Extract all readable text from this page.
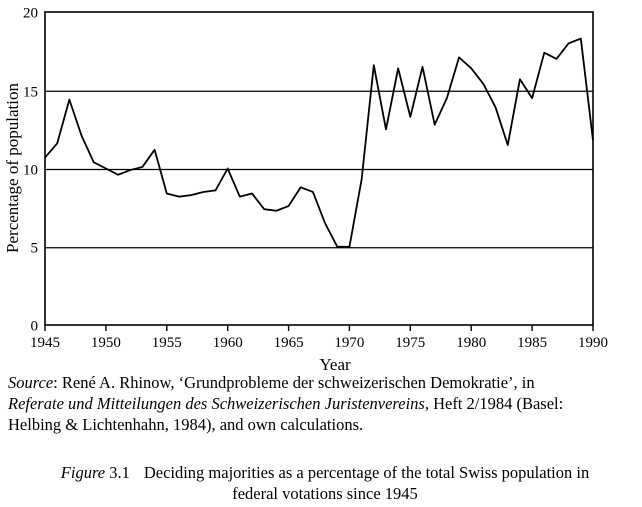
20
15
10
5
0
1945 1950 1955 1960 1965 1970 1975 1980 1985 1990
Year
Percentage of population
Source: René A. Rhinow, ‘Grundprobleme der schweizerischen Demokratie’, in
Referate und Mitteilungen des Schweizerischen Juristenvereins, Heft 2/1984 (Basel:
Helbing & Lichtenhahn, 1984), and own calculations.
Figure 3.1 Deciding majorities as a percentage of the total Swiss population in
federal votations since 1945
